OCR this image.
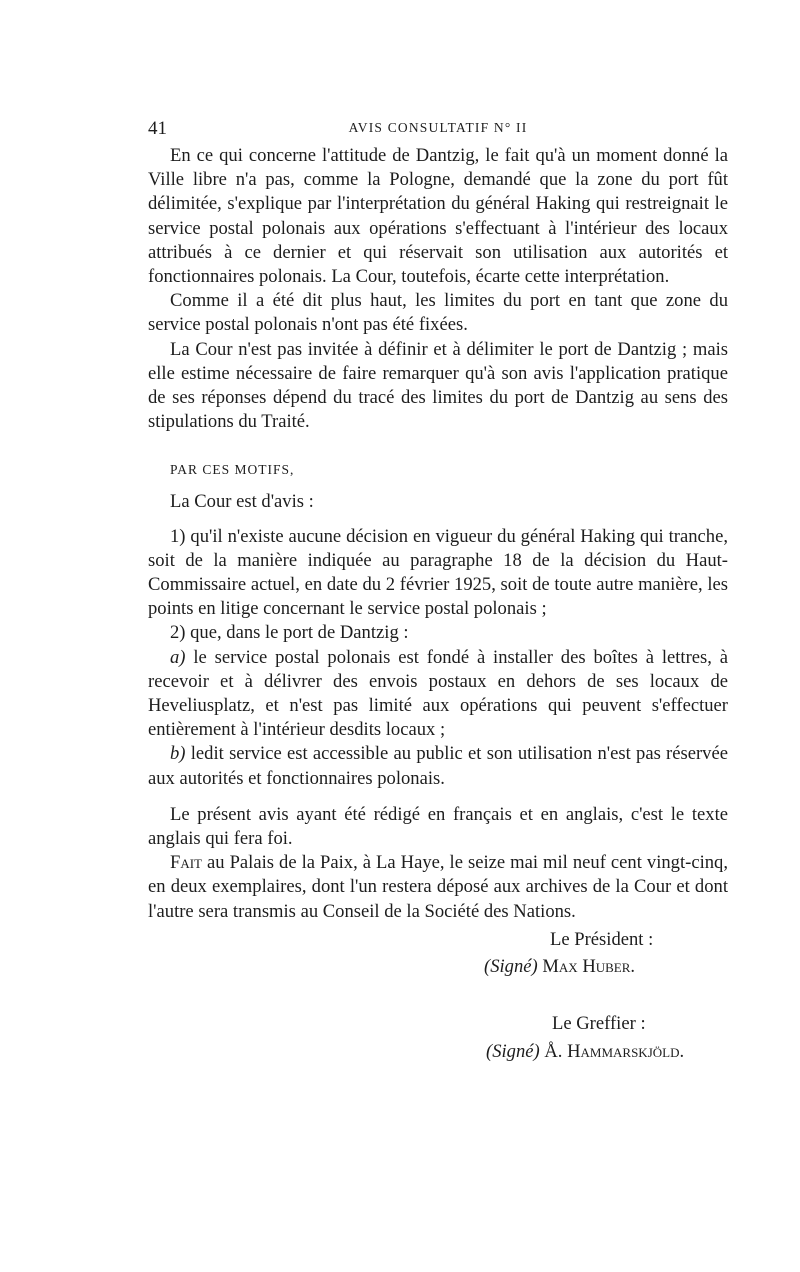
41	AVIS CONSULTATIF N° II

En ce qui concerne l'attitude de Dantzig, le fait qu'à un moment donné la Ville libre n'a pas, comme la Pologne, demandé que la zone du port fût délimitée, s'explique par l'interprétation du général Haking qui restreignait le service postal polonais aux opérations s'effectuant à l'intérieur des locaux attribués à ce dernier et qui réservait son utilisation aux autorités et fonctionnaires polonais. La Cour, toutefois, écarte cette interprétation.

Comme il a été dit plus haut, les limites du port en tant que zone du service postal polonais n'ont pas été fixées.

La Cour n'est pas invitée à définir et à délimiter le port de Dantzig ; mais elle estime nécessaire de faire remarquer qu'à son avis l'application pratique de ses réponses dépend du tracé des limites du port de Dantzig au sens des stipulations du Traité.

PAR CES MOTIFS,

La Cour est d'avis :

1) qu'il n'existe aucune décision en vigueur du général Haking qui tranche, soit de la manière indiquée au paragraphe 18 de la décision du Haut-Commissaire actuel, en date du 2 février 1925, soit de toute autre manière, les points en litige concernant le service postal polonais ;

2) que, dans le port de Dantzig :

a) le service postal polonais est fondé à installer des boîtes à lettres, à recevoir et à délivrer des envois postaux en dehors de ses locaux de Heveliusplatz, et n'est pas limité aux opérations qui peuvent s'effectuer entièrement à l'intérieur desdits locaux ;

b) ledit service est accessible au public et son utilisation n'est pas réservée aux autorités et fonctionnaires polonais.

Le présent avis ayant été rédigé en français et en anglais, c'est le texte anglais qui fera foi.

Fait au Palais de la Paix, à La Haye, le seize mai mil neuf cent vingt-cinq, en deux exemplaires, dont l'un restera déposé aux archives de la Cour et dont l'autre sera transmis au Conseil de la Société des Nations.

Le Président :
(Signé) Max Huber.
Le Greffier :
(Signé) Å. Hammarskjöld.
